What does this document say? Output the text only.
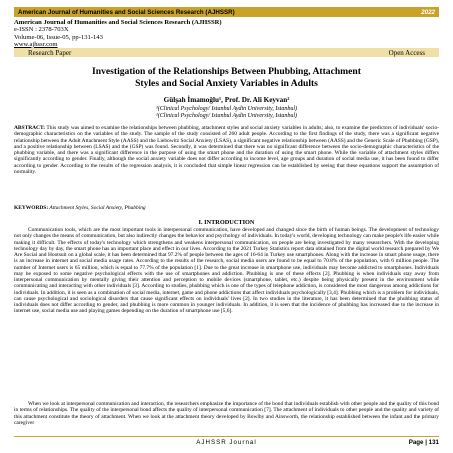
American Journal of Humanities and Social Sciences Research (AJHSSR)	2022
American Journal of Humanities and Social Sciences Research (AJHSSR)
e-ISSN : 2378-703X
Volume-06, Issue-05, pp-131-143
www.ajhssr.com
Research Paper	Open Access
Investigation of the Relationships Between Phubbing, Attachment
Styles and Social Anxiety Variables in Adults
Gülşah İmamoğlu¹, Prof. Dr. Ali Keyvan²
¹(Clinical Psychology/ Istanbul Aydin University, Istanbul)
¹(Clinical Psychology/ Istanbul Aydin University, Istanbul)
ABSTRACT: This study was aimed to examine the relationships between phubbing, attachment styles and social anxiety variables in adults; also, to examine the predictors of individuals' socio-demographic characteristics on the variables of the study. The sample of the study consisted of 260 adult people. According to the first findings of the study, there was a significant negative relationship between the Adult Attachment Style (AASS) and the Liebowitz Social Anxiety (LSAS), a significant negative relationship between (AASS) and the Generic Scale of Phubbing (GSP), and a positive relationship between (LSAS) and the (GSP) was found. Secondly, it was determined that there was no significant difference between the socio-demographic characteristics of the phubbing variable, and there was a significant difference in the purpose of using the smart phone and the duration of using the smart phone. While the variable of attachment styles differs significantly according to gender. Finally, although the social anxiety variable does not differ according to income level, age groups and duration of social media use, it has been found to differ according to gender. According to the results of the regression analysis, it is concluded that simple linear regression can be established by seeing that these equations support the assumption of normality.
KEYWORDS: Attachment Styles, Social Anxiety, Phubbing
I. INTRODUCTION
Communication tools, which are the most important tools in interpersonal communication, have developed and changed since the birth of human beings. The development of technology not only changes the means of communication, but also indirectly changes the behavior and psychology of individuals. In today's world, developing technology can make people's life easier while making it difficult. The effects of today's technology which strengthens and weakens interpersonal communication, on people are being investigated by many researchers. With the developing technology day by day, the smart phone has an important place and effect in our lives. According to the 2021 Turkey Statistics report data obtained from the digital world research prepared by We Are Social and Hootsuit on a global scale, it has been determined that 97.2% of people between the ages of 16-64 in Turkey use smartphones. Along with the increase in smart phone usage, there is an increase in internet and social media usage rates. According to the results of the research, social media users are found to be equal to 70.8% of the population, with 6 million people. The number of Internet users is 65 million, which is equal to 77.7% of the population [1]. Due to the great increase in smartphone use, individuals may become addicted to smartphones. Individuals may be exposed to some negative psychological effects with the use of smartphones and addiction. Phubbing is one of these effects [2]. Phubbing is when individuals stay away from interpersonal communication by mentally giving their attention and perception to mobile devices (smartphone, tablet, etc.) despite being physically present in the environment while communicating and interacting with other individuals [3]. According to studies, phubbing which is one of the types of telephone addiction, is considered the most dangerous among addictions for individuals. In addition, it is seen as a combination of social media, internet, game and phone addictions that affect individuals psychologically [3,4]. Phubbing which is a problem for individuals, can cause psychological and sociological disorders that cause significant effects on individuals' lives [2]. In two studies in the literature, it has been determined that the phubbing status of individuals does not differ according to gender, and phubbing is more common in younger individuals. In addition, it is seen that the incidence of phubbing has increased due to the increase in internet use, social media use and playing games depending on the duration of smartphone use [5,6].
When we look at interpersonal communication and interaction, the researchers emphasize the importance of the bond that individuals establish with other people and the quality of this bond in terms of relationships. The quality of the interpersonal bond affects the quality of interpersonal communication [7]. The attachment of individuals to other people and the quality and variety of this attachment constitute the theory of attachment. When we look at the attachment theory developed by Bowlby and Ainsworth, the relationship established between the infant and the primary caregiver
AJHSSR Journal	Page | 131
